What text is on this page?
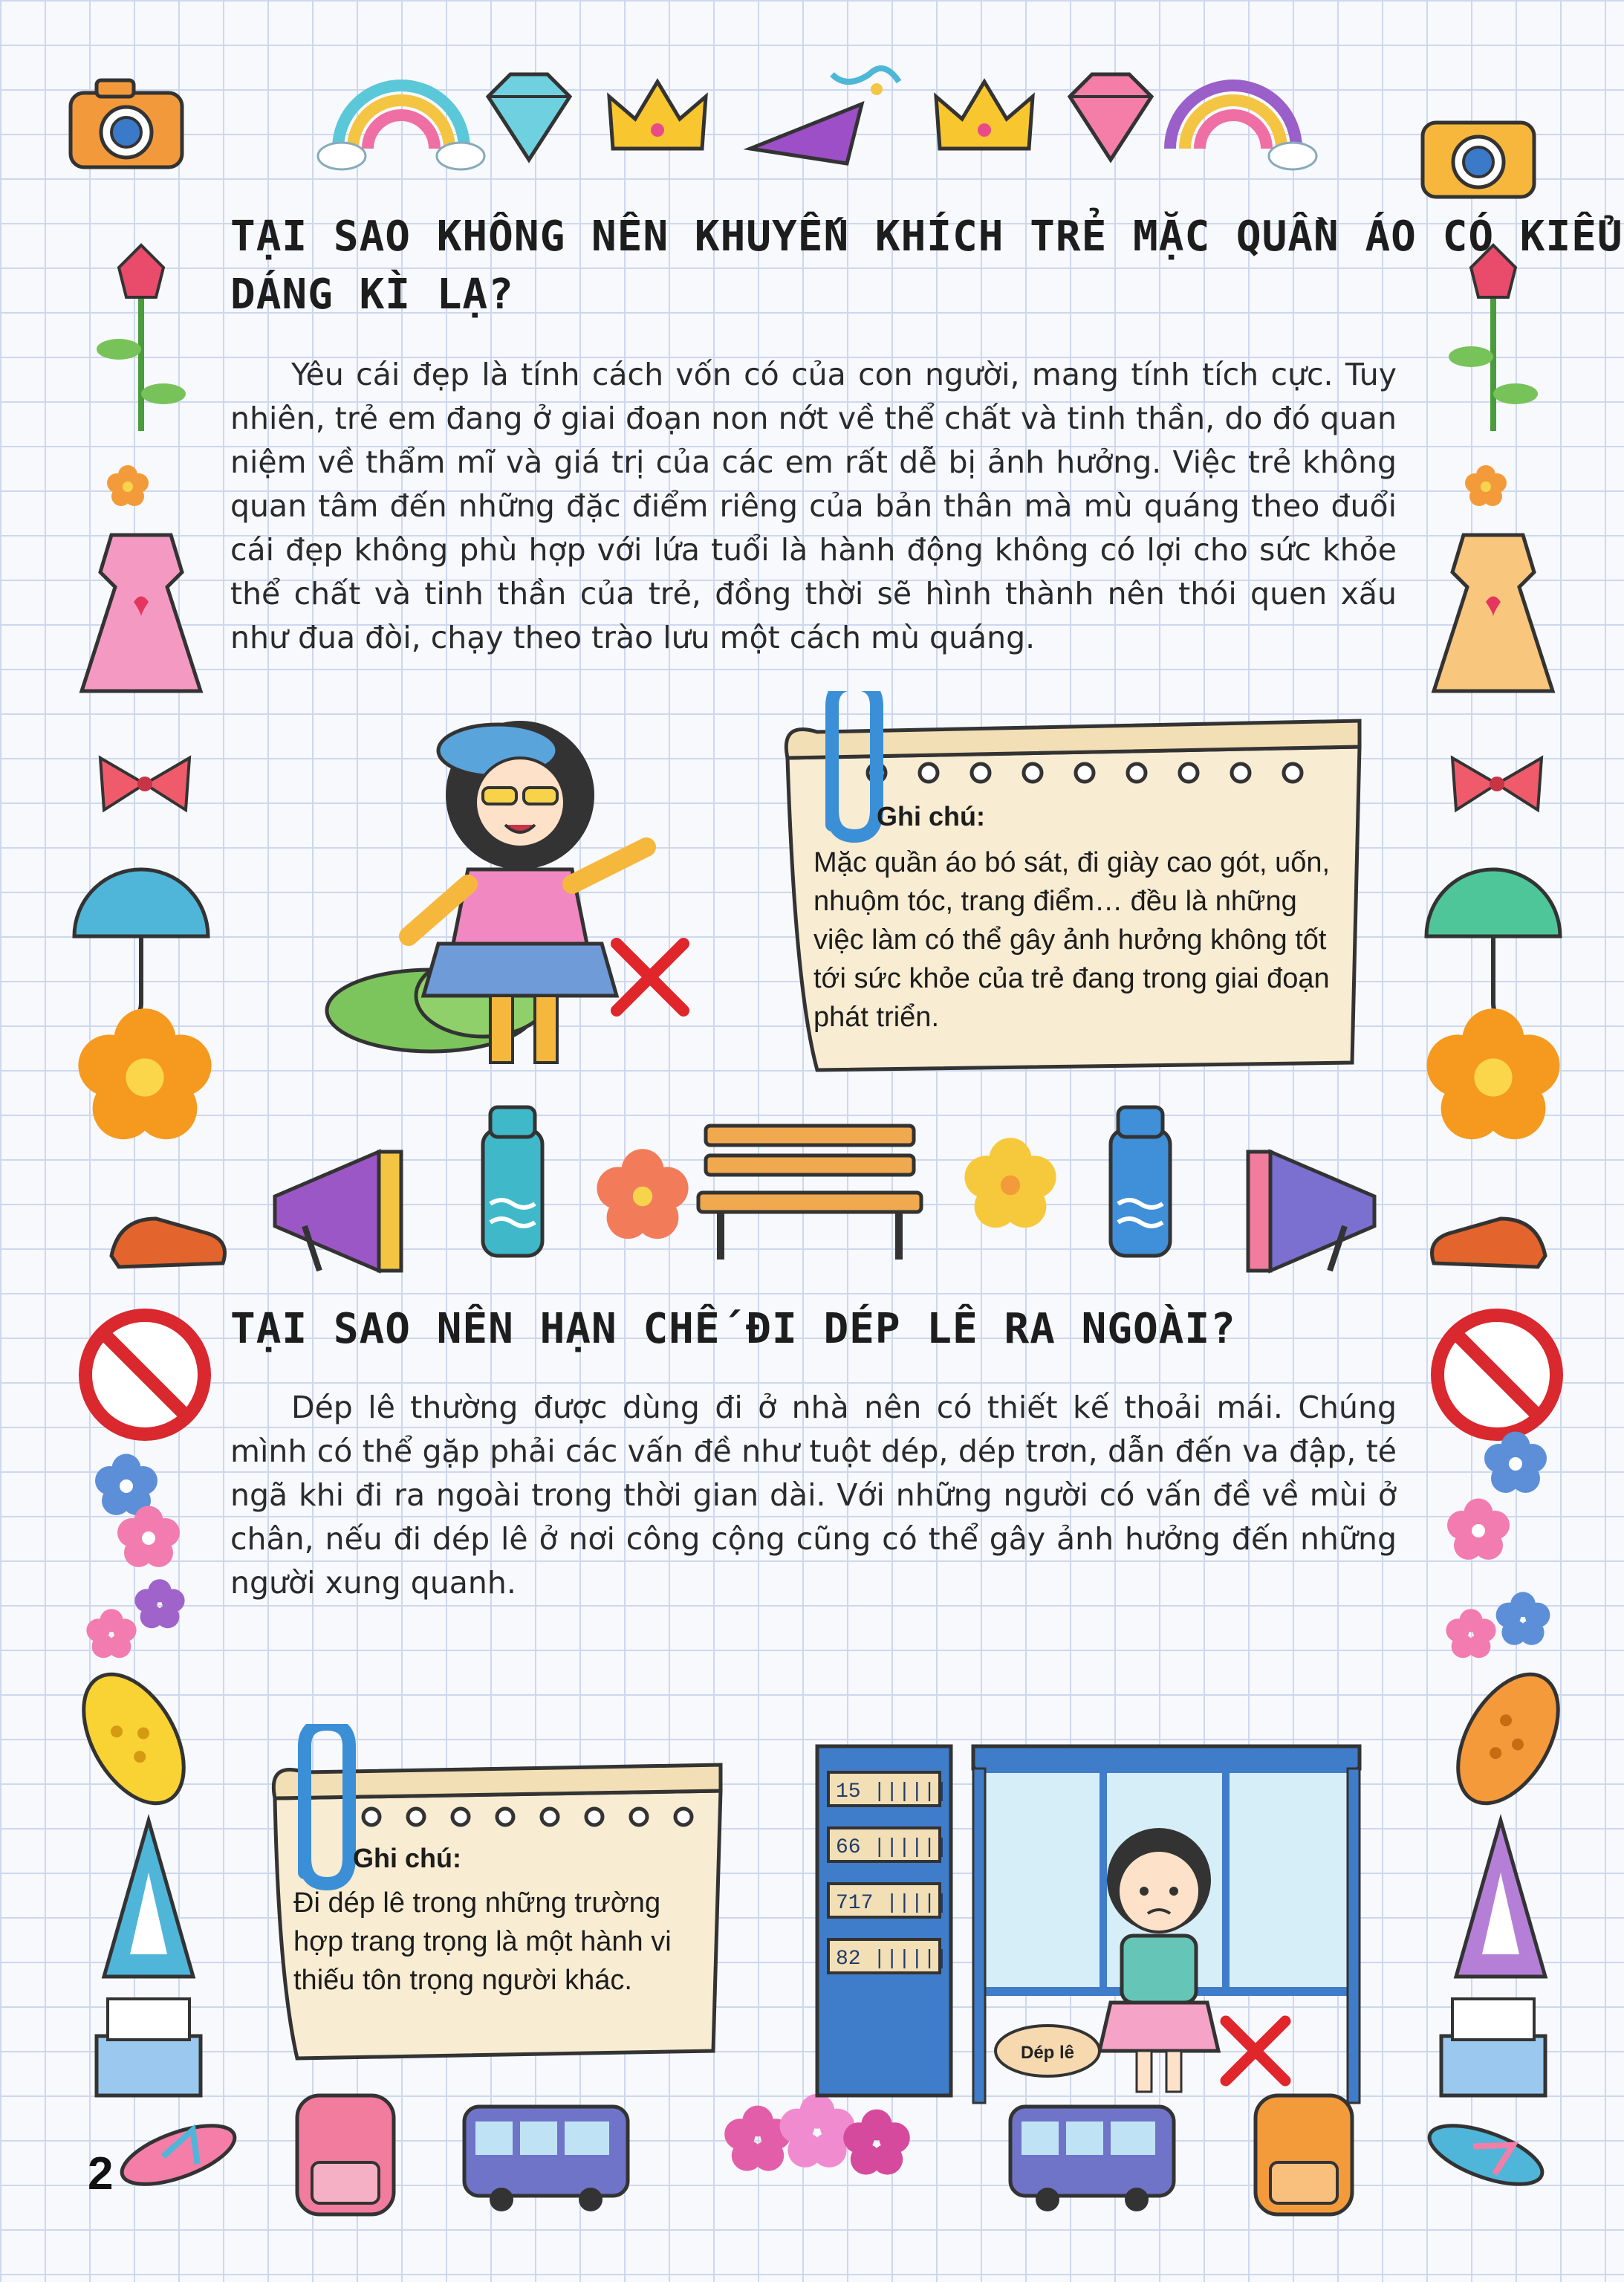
TẠI SAO KHÔNG NÊN KHUYẾN KHÍCH TRẺ MẶC QUẦN ÁO CÓ KIỂU
DÁNG KÌ LẠ?
Yêu cái đẹp là tính cách vốn có của con người, mang tính tích cực. Tuy nhiên, trẻ em đang ở giai đoạn non nớt về thể chất và tinh thần, do đó quan niệm về thẩm mĩ và giá trị của các em rất dễ bị ảnh hưởng. Việc trẻ không quan tâm đến những đặc điểm riêng của bản thân mà mù quáng theo đuổi cái đẹp không phù hợp với lứa tuổi là hành động không có lợi cho sức khỏe thể chất và tinh thần của trẻ, đồng thời sẽ hình thành nên thói quen xấu như đua đòi, chạy theo trào lưu một cách mù quáng.
Ghi chú:
Mặc quần áo bó sát, đi giày cao gót, uốn, nhuộm tóc, trang điểm… đều là những việc làm có thể gây ảnh hưởng không tốt tới sức khỏe của trẻ đang trong giai đoạn phát triển.
TẠI SAO NÊN HẠN CHẾ ĐI DÉP LÊ RA NGOÀI?
Dép lê thường được dùng đi ở nhà nên có thiết kế thoải mái. Chúng mình có thể gặp phải các vấn đề như tuột dép, dép trơn, dẫn đến va đập, té ngã khi đi ra ngoài trong thời gian dài. Với những người có vấn đề về mùi ở chân, nếu đi dép lê ở nơi công cộng cũng có thể gây ảnh hưởng đến những người xung quanh.
Ghi chú:
Đi dép lê trong những trường hợp trang trọng là một hành vi thiếu tôn trọng người khác.
15 ||||||
66 ||||||
717 |||||
82 ||||||
Dép lê
2
